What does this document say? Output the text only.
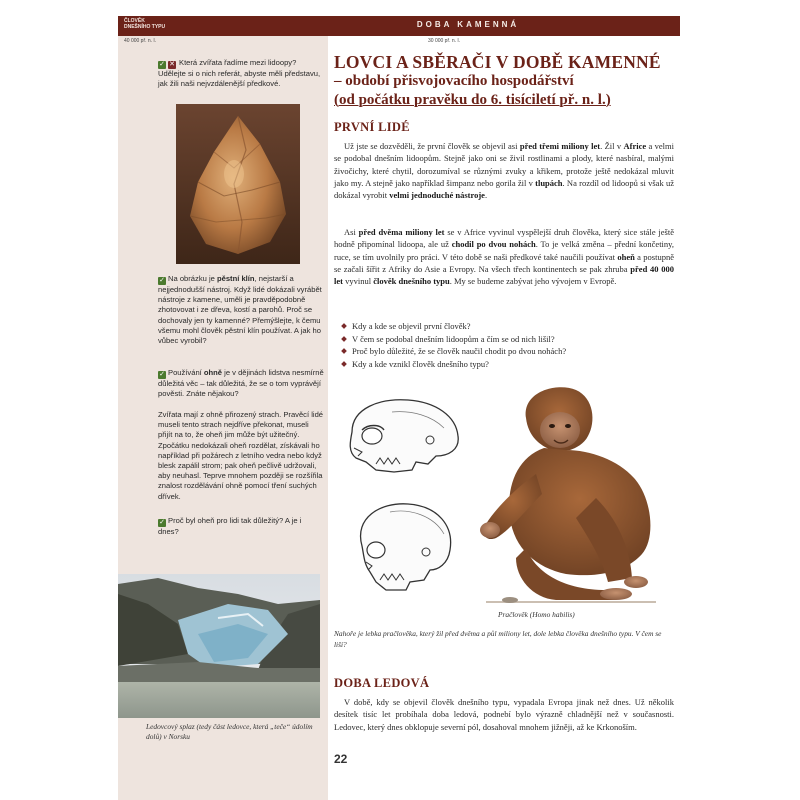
ČLOVĚK
DNEŠNÍHO TYPU	DOBA KAMENNÁ
40 000 př. n. l.	30 000 př. n. l.
✓ ✕ Která zvířata řadíme mezi lidoopy? Udělejte si o nich referát, abyste měli představu, jak žili naši nejvzdálenější předkové.
✓ Na obrázku je pěstní klín, nejstarší a nejjednodušší nástroj. Když lidé dokázali vyrábět nástroje z kamene, uměli je pravděpodobně zhotovovat i ze dřeva, kostí a parohů. Proč se dochovaly jen ty kamenné? Přemýšlejte, k čemu všemu mohl člověk pěstní klín používat. A jak ho vůbec vyrobil?
✓ Používání ohně je v dějinách lidstva nesmírně důležitá věc – tak důležitá, že se o tom vyprávějí pověsti. Znáte nějakou?
Zvířata mají z ohně přirozený strach. Pravěcí lidé museli tento strach nejdříve překonat, museli přijít na to, že oheň jim může být užitečný. Zpočátku nedokázali oheň rozdělat, získávali ho například při požárech z letního vedra nebo když blesk zapálil strom; pak oheň pečlivě udržovali, aby neuhasl. Teprve mnohem později se rozšířila znalost rozdělávání ohně pomocí tření suchých dřívek.
✓ Proč byl oheň pro lidi tak důležitý? A je i dnes?
Ledovcový splaz (tedy část ledovce, která „teče“ údolím dolů) v Norsku
LOVCI A SBĚRAČI V DOBĚ KAMENNÉ
– období přisvojovacího hospodářství
(od počátku pravěku do 6. tisíciletí př. n. l.)
PRVNÍ LIDÉ
Už jste se dozvěděli, že první člověk se objevil asi před třemi miliony let. Žil v Africe a velmi se podobal dnešním lidoopům. Stejně jako oni se živil rostlinami a plody, které nasbíral, malými živočichy, které chytil, dorozumíval se různými zvuky a křikem, protože ještě nedokázal mluvit jako my. A stejně jako například šimpanz nebo gorila žil v tlupách. Na rozdíl od lidoopů si však už dokázal vyrobit velmi jednoduché nástroje.
Asi před dvěma miliony let se v Africe vyvinul vyspělejší druh člověka, který sice stále ještě hodně připomínal lidoopa, ale už chodil po dvou nohách. To je velká změna – přední končetiny, ruce, se tím uvolnily pro práci. V této době se naši předkové také naučili používat oheň a postupně se začali šířit z Afriky do Asie a Evropy. Na všech třech kontinentech se pak zhruba před 40 000 let vyvinul člověk dnešního typu. My se budeme zabývat jeho vývojem v Evropě.
Kdy a kde se objevil první člověk?
V čem se podobal dnešním lidoopům a čím se od nich lišil?
Proč bylo důležité, že se člověk naučil chodit po dvou nohách?
Kdy a kde vznikl člověk dnešního typu?
Pračlověk (Homo habilis)
Nahoře je lebka pračlověka, který žil před dvěma a půl miliony let, dole lebka člověka dnešního typu. V čem se liší?
DOBA LEDOVÁ
V době, kdy se objevil člověk dnešního typu, vypadala Evropa jinak než dnes. Už několik desítek tisíc let probíhala doba ledová, podnebí bylo výrazně chladnější než v současnosti. Ledovec, který dnes obklopuje severní pól, dosahoval mnohem jižněji, až ke Krkonoším.
22
